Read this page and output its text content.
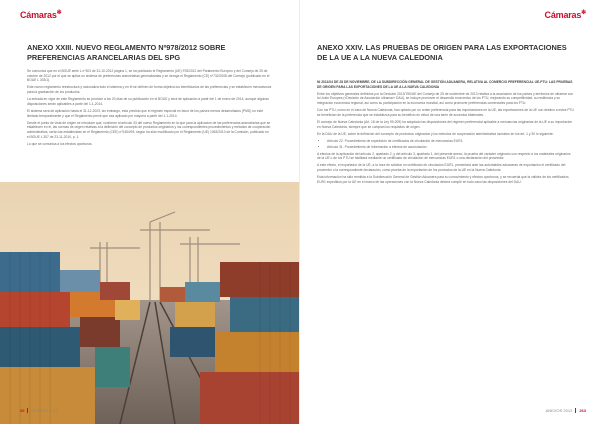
Cámaras✻
ANEXO XXIII. NUEVO REGLAMENTO Nº978/2012 SOBRE PREFERENCIAS ARANCELARIAS DEL SPG

Se comunica que en el BOUE serie L nº303 de 31-10-2012 página 1, se ha publicado el Reglamento (UE) 978/2012 del Parlamento Europeo y del Consejo de 25 de octubre de 2012 por el que se aplica un sistema de preferencias arancelarias generalizadas y se deroga el Reglamento (CE) nº732/2008 del Consejo (publicado en el BOUE L 303/1).

Este nuevo reglamento reestructura y racionaliza todo el sistema y en él se definen de forma objetiva los beneficiarios de las preferencias y se establecen mecanismos para la graduación de los productos.

La entrada en vigor de este Reglamento se produce a los 20 días de su publicación en el BOUE y será de aplicación a partir del 1 de enero de 2014, aunque algunas disposiciones serán aplicables a partir del 1-1-2014.

El sistema será de aplicación hasta el 31-12-2023, sin embargo, esta previsto que el régimen especial en favor de los países menos desarrollados (PMD) no esté limitado temporalmente y que el Reglamento prevé que sea aplicado por mayoría a partir del 1-1-2014.

Desde el punto de vista de origen se introduce que, conforme al artículo 33 del nuevo Reglamento en la que para la aplicación de las preferencias arancelarias que se establecen en él, las normas de origen relativas a la definición del concepto de productos originarios y los correspondientes procedimientos y métodos de cooperación administrativa, serán las establecidas en el Reglamento (CEE) nº2454/93, según ha sido modificado por el Reglamento (UE) 1063/2010 de la Comisión, publicado en el BOUE L 307 de 23-11-2010, p. 1.

Lo que se comunica a los efectos oportunos.

20 ANEXOS 2012
Cámaras✻
ANEXO XXIV. LAS PRUEBAS DE ORIGEN PARA LAS EXPORTACIONES DE LA UE A LA NUEVA CALEDONIA

NI 2011/04 DE 28 DE NOVIEMBRE, DE LA SUBDIRECCIÓN GENERAL DE GESTIÓN ADUANERA, RELATIVA AL COMERCIO PREFERENCIAL UE-PTU: LAS PRUEBAS DE ORIGEN PARA LAS EXPORTACIONES DE LA UE A LA NUEVA CALEDONIA

Entre los objetivos generales definidos por la Decisión 2013/755/UE del Consejo de 25 de noviembre de 2013 relativa a la asociación de los países y territorios de ultramar con la Unión Europea («Decisión de Asociación ultramar» DAU), se incluye promover el desarrollo económico de los PTU, mejorando su competitividad, su resiliencia y su integración económica regional, así como su participación en la economía mundial, así como promover preferencias comerciales para los PTU.

Con los PTU, como en el caso de Nueva Caledonia, han optado por un orden preferencial para las importaciones en la UE, las exportaciones de la UE con destino a estos PTU se benefician de la preferencia que se establezca para su beneficio en virtud de una serie de acuerdos bilaterales.

El consejo de Nueva Caledonia (Art. 18 de la Ley 99-209) ha adoptado las disposiciones del régimen preferencial aplicable a mercancías originarias de la UE a su importación en Nueva Caledonia, siempre que se cumplan los requisitos de origen.

En la DAU de la UE, sobre la definición del concepto de productos originarios y los métodos de cooperación administrativa incluidos en los art. 1 y 30 lo siguiente:

• Artículo 22. Procedimiento de expedición de certificados de circulación de mercancías EUR1.
• Artículo 31. Procedimiento de información a efectos de acumulación.

A efectos de la aplicación del artículo 2, apartado 2, y del artículo 3, apartado 1, del presente anexo, la prueba del carácter originario con respecto a los materiales originarios de la UE o de los PTU se facilitará mediante un certificado de circulación de mercancías EUR1 o una declaración del proveedor.

A este efecto, el exportador de la UE, a la hora de solicitar un certificado de circulación EUR1, presentará ante las autoridades aduaneras de exportación el certificado del proveedor o la correspondiente declaración, como prueba de la exportación de los productos de la UE en la Nueva Caledonia.

Esta información ha sido remitida a la Subdirección General de Gestión Aduanera para su conocimiento y efectos oportunos, y se recuerda que la validez de los certificados EUR1 expedidos por la UE en el marco de las operaciones con la Nueva Caledonia deberá cumplir en todo caso las disposiciones del DAU.

ANEXOS 2012 263
